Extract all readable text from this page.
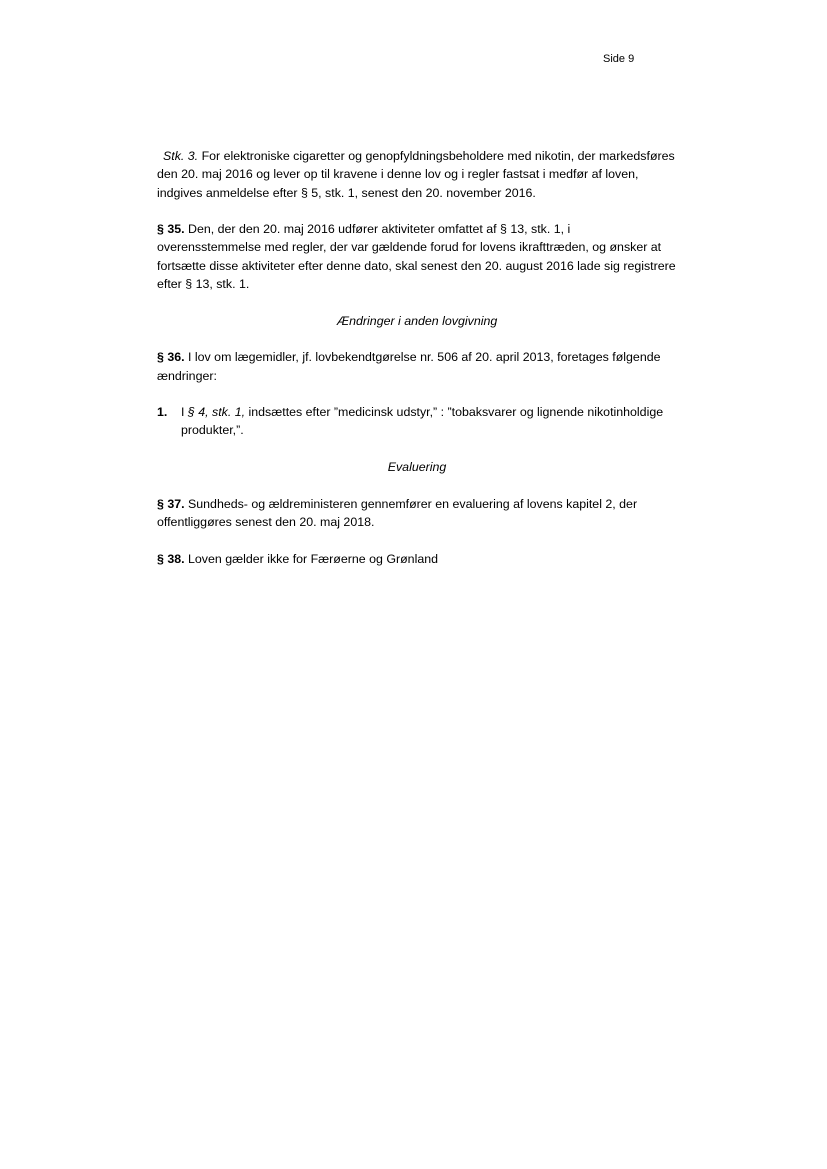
Side 9

Stk. 3. For elektroniske cigaretter og genopfyldningsbeholdere med nikotin, der markedsføres den 20. maj 2016 og lever op til kravene i denne lov og i regler fastsat i medfør af loven, indgives anmeldelse efter § 5, stk. 1, senest den 20. november 2016.

§ 35. Den, der den 20. maj 2016 udfører aktiviteter omfattet af § 13, stk. 1, i overensstemmelse med regler, der var gældende forud for lovens ikrafttræden, og ønsker at fortsætte disse aktiviteter efter denne dato, skal senest den 20. august 2016 lade sig registrere efter § 13, stk. 1.

Ændringer i anden lovgivning

§ 36. I lov om lægemidler, jf. lovbekendtgørelse nr. 506 af 20. april 2013, foretages følgende ændringer:

1. I § 4, stk. 1, indsættes efter ”medicinsk udstyr,” : ”tobaksvarer og lignende nikotinholdige produkter,”.

Evaluering

§ 37. Sundheds- og ældreministeren gennemfører en evaluering af lovens kapitel 2, der offentliggøres senest den 20. maj 2018.

§ 38. Loven gælder ikke for Færøerne og Grønland
